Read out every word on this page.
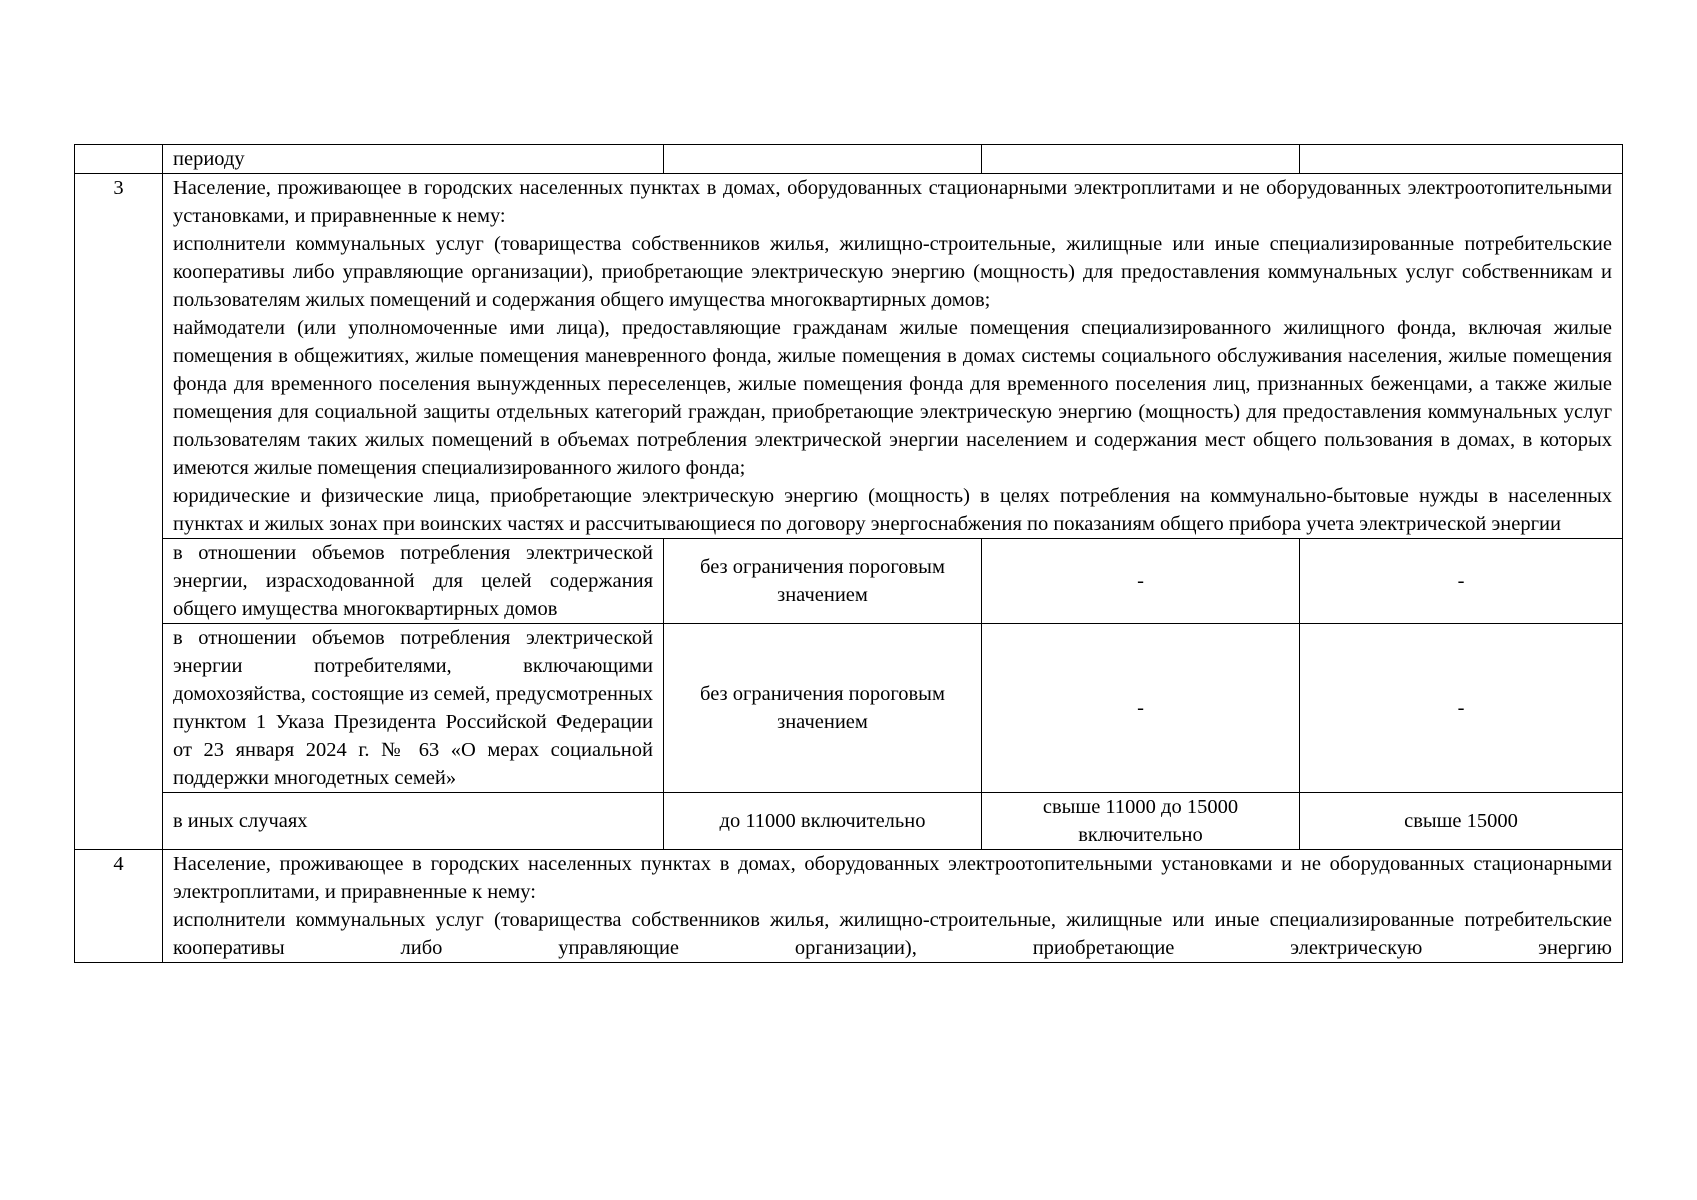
	периоду			
3	Население, проживающее в городских населенных пунктах в домах, оборудованных стационарными электроплитами и не оборудованных электроотопительными установками, и приравненные к нему:

исполнители коммунальных услуг (товарищества собственников жилья, жилищно-строительные, жилищные или иные специализированные потребительские кооперативы либо управляющие организации), приобретающие электрическую энергию (мощность) для предоставления коммунальных услуг собственникам и пользователям жилых помещений и содержания общего имущества многоквартирных домов;

наймодатели (или уполномоченные ими лица), предоставляющие гражданам жилые помещения специализированного жилищного фонда, включая жилые помещения в общежитиях, жилые помещения маневренного фонда, жилые помещения в домах системы социального обслуживания населения, жилые помещения фонда для временного поселения вынужденных переселенцев, жилые помещения фонда для временного поселения лиц, признанных беженцами, а также жилые помещения для социальной защиты отдельных категорий граждан, приобретающие электрическую энергию (мощность) для предоставления коммунальных услуг пользователям таких жилых помещений в объемах потребления электрической энергии населением и содержания мест общего пользования в домах, в которых имеются жилые помещения специализированного жилого фонда;

юридические и физические лица, приобретающие электрическую энергию (мощность) в целях потребления на коммунально-бытовые нужды в населенных пунктах и жилых зонах при воинских частях и рассчитывающиеся по договору энергоснабжения по показаниям общего прибора учета электрической энергии			

	в отношении объемов потребления электрической энергии, израсходованной для целей содержания общего имущества многоквартирных домов	без ограничения пороговым значением	-	-

	в отношении объемов потребления электрической энергии потребителями, включающими домохозяйства, состоящие из семей, предусмотренных пунктом 1 Указа Президента Российской Федерации от 23 января 2024 г. № 63 «О мерах социальной поддержки многодетных семей»	без ограничения пороговым значением	-	-
	в иных случаях	до 11000 включительно	свыше 11000 до 15000 включительно	свыше 15000
4	Население, проживающее в городских населенных пунктах в домах, оборудованных электроотопительными установками и не оборудованных стационарными электроплитами, и приравненные к нему:

исполнители коммунальных услуг (товарищества собственников жилья, жилищно-строительные, жилищные или иные специализированные потребительские кооперативы либо управляющие организации), приобретающие электрическую энергию			
